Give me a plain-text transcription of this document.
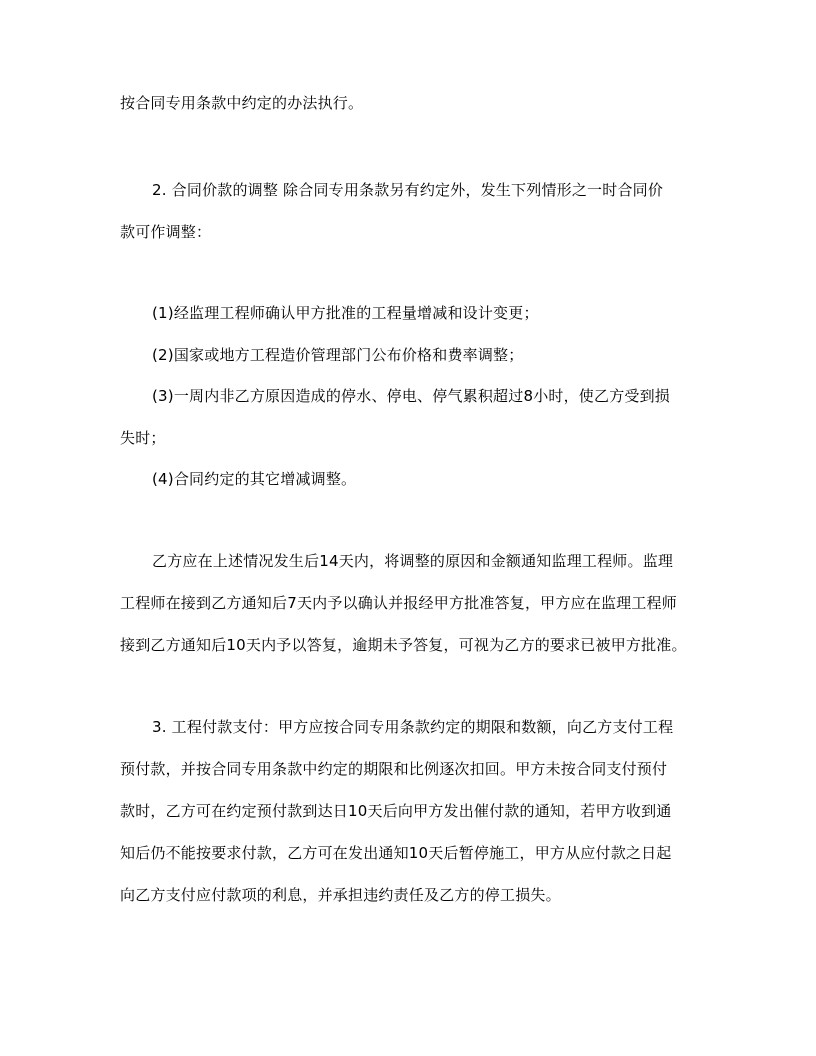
按合同专用条款中约定的办法执行。
2. 合同价款的调整 除合同专用条款另有约定外，发生下列情形之一时合同价
款可作调整：
(1)经监理工程师确认甲方批准的工程量增减和设计变更；
(2)国家或地方工程造价管理部门公布价格和费率调整；
(3)一周内非乙方原因造成的停水、停电、停气累积超过8小时，使乙方受到损
失时；
(4)合同约定的其它增减调整。
乙方应在上述情况发生后14天内，将调整的原因和金额通知监理工程师。监理
工程师在接到乙方通知后7天内予以确认并报经甲方批准答复，甲方应在监理工程师
接到乙方通知后10天内予以答复，逾期未予答复，可视为乙方的要求已被甲方批准。
3. 工程付款支付：甲方应按合同专用条款约定的期限和数额，向乙方支付工程
预付款，并按合同专用条款中约定的期限和比例逐次扣回。甲方未按合同支付预付
款时，乙方可在约定预付款到达日10天后向甲方发出催付款的通知，若甲方收到通
知后仍不能按要求付款，乙方可在发出通知10天后暂停施工，甲方从应付款之日起
向乙方支付应付款项的利息，并承担违约责任及乙方的停工损失。
